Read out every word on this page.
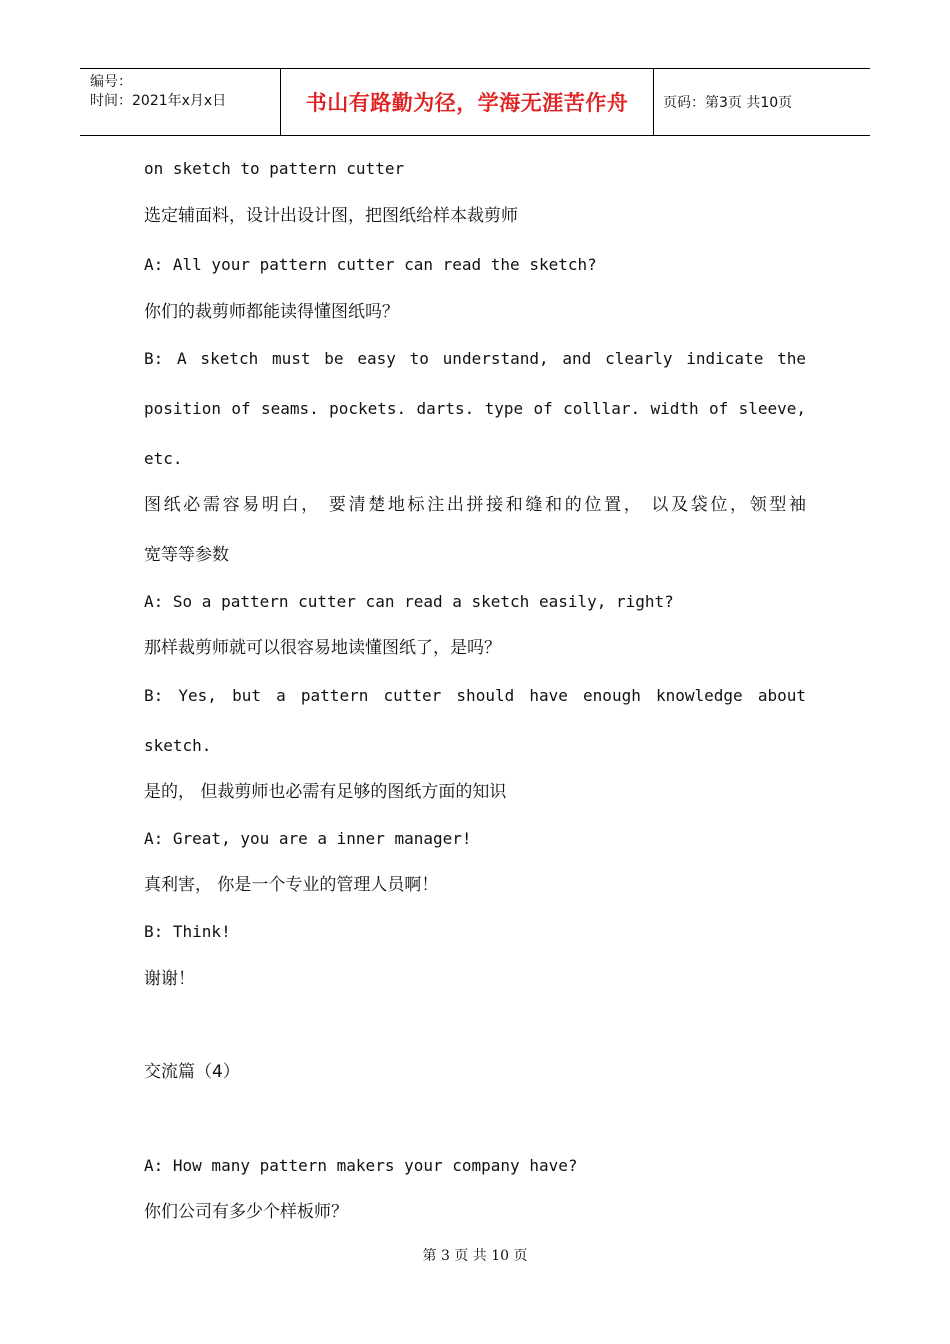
编号：
时间：2021年x月x日	书山有路勤为径，学海无涯苦作舟	页码：第3页 共10页

on sketch to pattern cutter

选定辅面料，设计出设计图，把图纸给样本裁剪师

A: All your pattern cutter can read the sketch?

你们的裁剪师都能读得懂图纸吗？

B: A sketch must be easy to understand, and clearly indicate the

position of seams. pockets. darts. type of colllar. width of sleeve,

etc.

图纸必需容易明白， 要清楚地标注出拼接和缝和的位置， 以及袋位，领型袖

宽等等参数

A: So a pattern cutter can read a sketch easily, right?

那样裁剪师就可以很容易地读懂图纸了，是吗？

B: Yes, but a pattern cutter should have enough knowledge about

sketch.

是的， 但裁剪师也必需有足够的图纸方面的知识

A: Great, you are a inner manager!

真利害， 你是一个专业的管理人员啊！

B: Think!

谢谢！

交流篇（4）

A: How many pattern makers your company have?

你们公司有多少个样板师？

第 3 页 共 10 页
